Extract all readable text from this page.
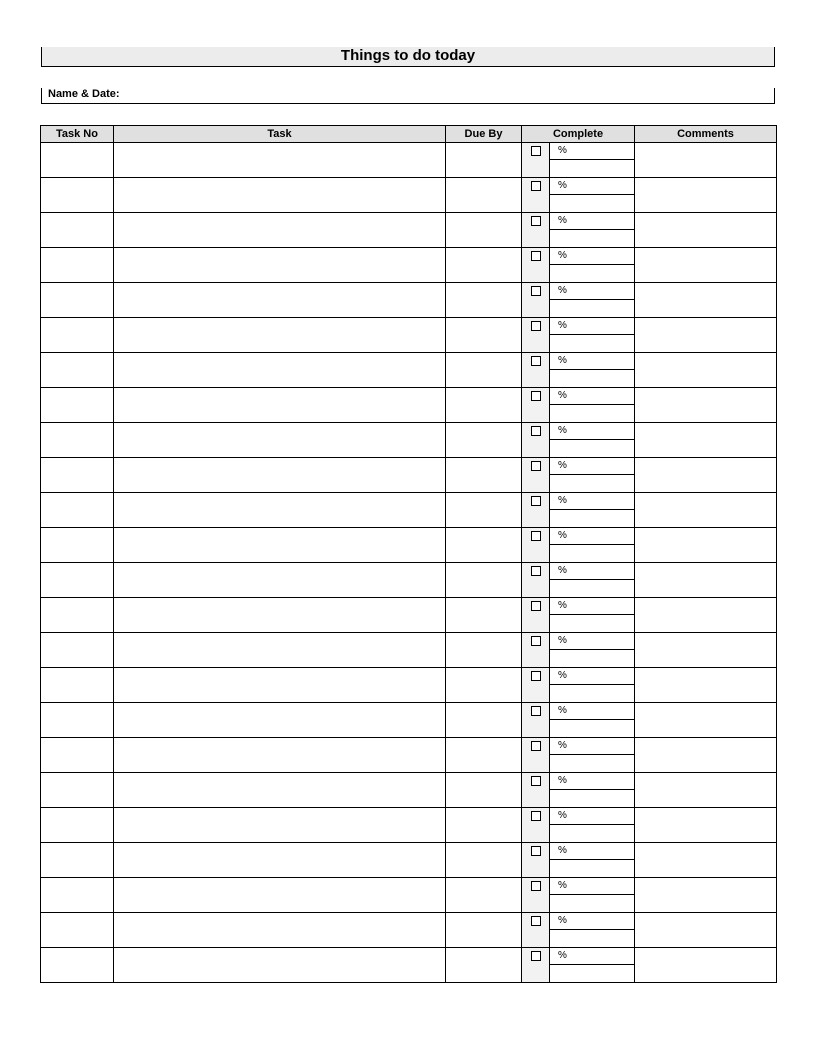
Things to do today
Name & Date:
Task No	Task	Due By	Complete		Comments

				%	

				%	

				%	

				%	

				%	

				%	

				%	

				%	

				%	

				%	

				%	

				%	

				%	

				%	

				%	

				%	

				%	

				%	

				%	

				%	

				%	

				%	

				%	

				%	
